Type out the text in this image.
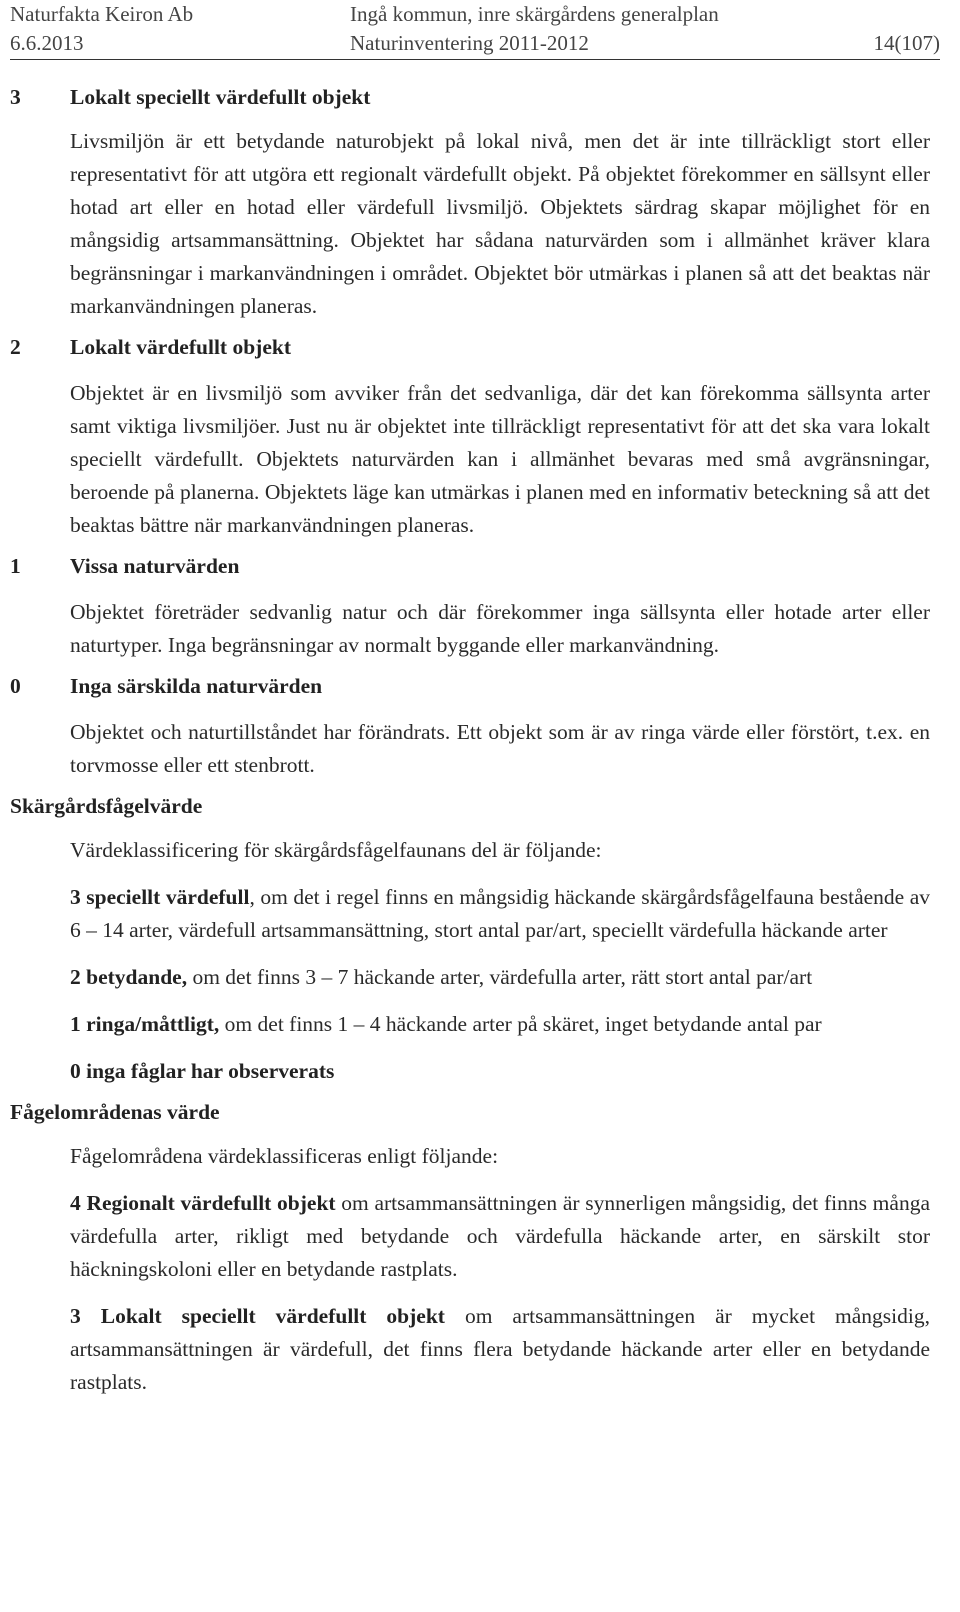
Naturfakta Keiron Ab	Ingå kommun, inre skärgårdens generalplan
6.6.2013	Naturinventering 2011-2012	14(107)
3 Lokalt speciellt värdefullt objekt

Livsmiljön är ett betydande naturobjekt på lokal nivå, men det är inte tillräckligt stort eller representativt för att utgöra ett regionalt värdefullt objekt. På objektet förekommer en sällsynt eller hotad art eller en hotad eller värdefull livsmiljö. Objektets särdrag skapar möjlighet för en mångsidig artsammansättning. Objektet har sådana naturvärden som i allmänhet kräver klara begränsningar i markanvändningen i området. Objektet bör utmärkas i planen så att det beaktas när markanvändningen planeras.

2 Lokalt värdefullt objekt

Objektet är en livsmiljö som avviker från det sedvanliga, där det kan förekomma sällsynta arter samt viktiga livsmiljöer. Just nu är objektet inte tillräckligt representativt för att det ska vara lokalt speciellt värdefullt. Objektets naturvärden kan i allmänhet bevaras med små avgränsningar, beroende på planerna. Objektets läge kan utmärkas i planen med en informativ beteckning så att det beaktas bättre när markanvändningen planeras.

1 Vissa naturvärden

Objektet företräder sedvanlig natur och där förekommer inga sällsynta eller hotade arter eller naturtyper. Inga begränsningar av normalt byggande eller markanvändning.

0 Inga särskilda naturvärden

Objektet och naturtillståndet har förändrats. Ett objekt som är av ringa värde eller förstört, t.ex. en torvmosse eller ett stenbrott.

Skärgårdsfågelvärde

Värdeklassificering för skärgårdsfågelfaunans del är följande:

3 speciellt värdefull, om det i regel finns en mångsidig häckande skärgårdsfågelfauna bestående av 6 – 14 arter, värdefull artsammansättning, stort antal par/art, speciellt värdefulla häckande arter

2 betydande, om det finns 3 – 7 häckande arter, värdefulla arter, rätt stort antal par/art

1 ringa/måttligt, om det finns 1 – 4 häckande arter på skäret, inget betydande antal par

0 inga fåglar har observerats

Fågelområdenas värde

Fågelområdena värdeklassificeras enligt följande:

4 Regionalt värdefullt objekt om artsammansättningen är synnerligen mångsidig, det finns många värdefulla arter, rikligt med betydande och värdefulla häckande arter, en särskilt stor häckningskoloni eller en betydande rastplats.

3 Lokalt speciellt värdefullt objekt om artsammansättningen är mycket mångsidig, artsammansättningen är värdefull, det finns flera betydande häckande arter eller en betydande rastplats.
